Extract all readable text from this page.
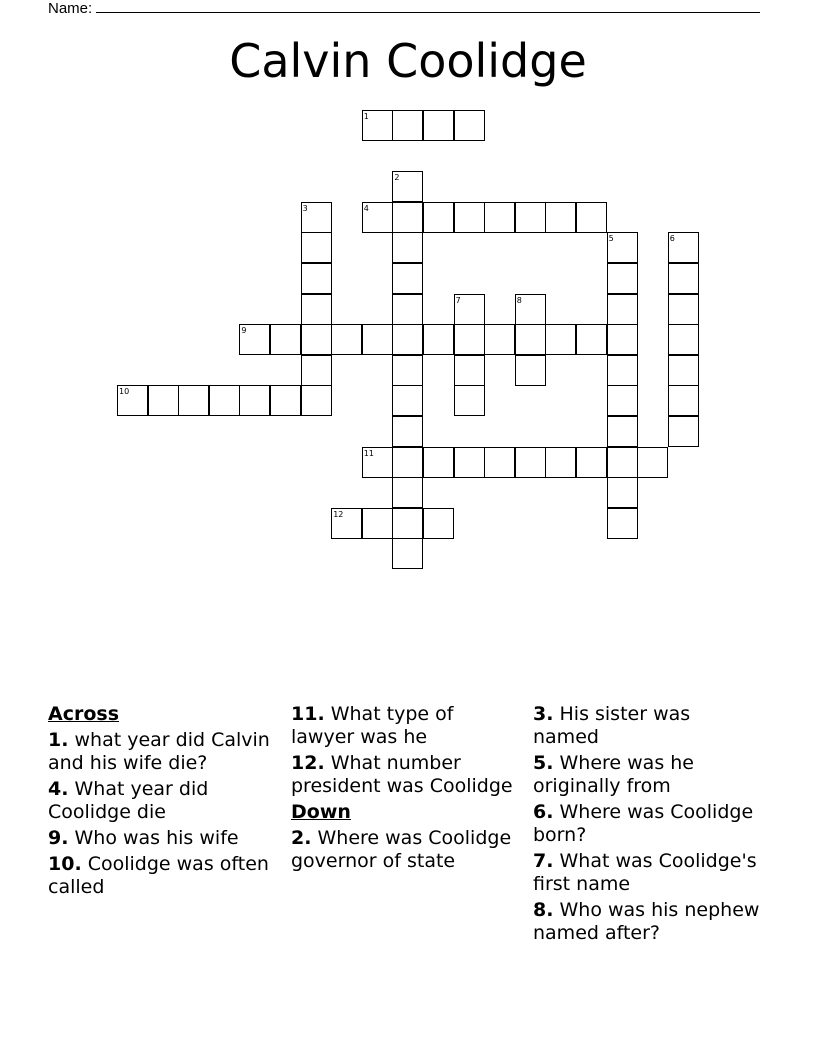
Name:
Calvin Coolidge
1
2
3	4
5	6
7	8
9
10
11
12
Across
1. what year did Calvin and his wife die?
4. What year did Coolidge die
9. Who was his wife
10. Coolidge was often called
11. What type of lawyer was he
12. What number president was Coolidge
Down
2. Where was Coolidge governor of state
3. His sister was named
5. Where was he originally from
6. Where was Coolidge born?
7. What was Coolidge's first name
8. Who was his nephew named after?
